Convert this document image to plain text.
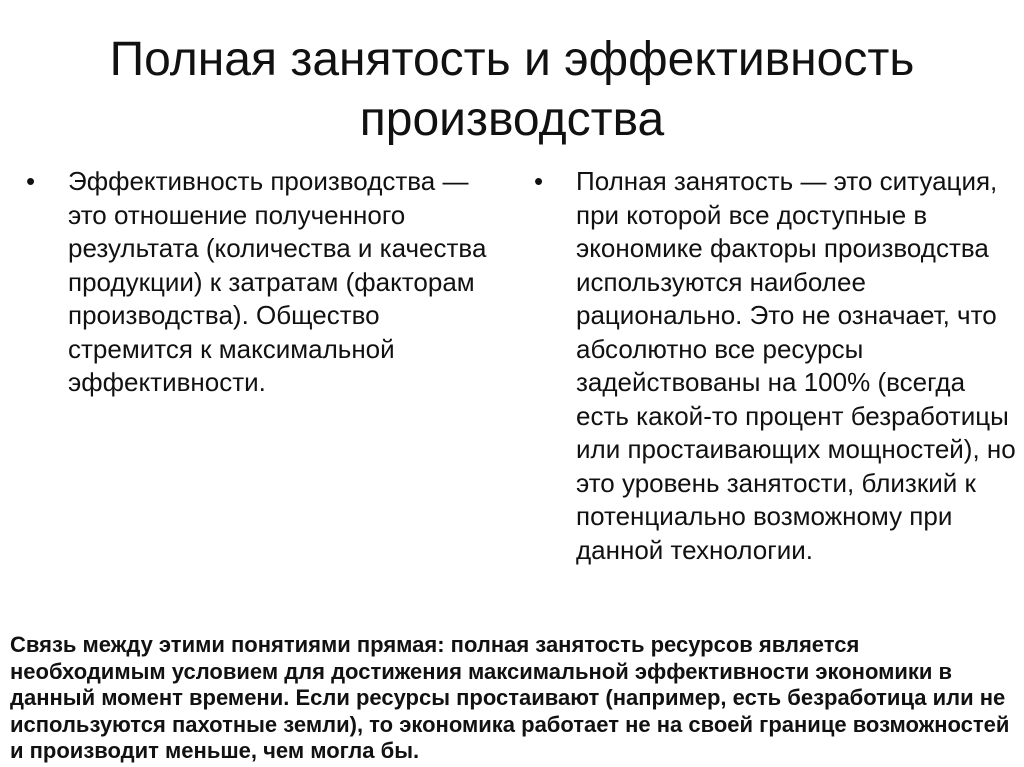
Полная занятость и эффективность производства
•	Эффективность производства — это отношение полученного результата (количества и качества продукции) к затратам (факторам производства). Общество стремится к максимальной эффективности.
•	Полная занятость — это ситуация, при которой все доступные в экономике факторы производства используются наиболее рационально. Это не означает, что абсолютно все ресурсы задействованы на 100% (всегда есть какой-то процент безработицы или простаивающих мощностей), но это уровень занятости, близкий к потенциально возможному при данной технологии.

Связь между этими понятиями прямая: полная занятость ресурсов является необходимым условием для достижения максимальной эффективности экономики в данный момент времени. Если ресурсы простаивают (например, есть безработица или не используются пахотные земли), то экономика работает не на своей границе возможностей и производит меньше, чем могла бы.
